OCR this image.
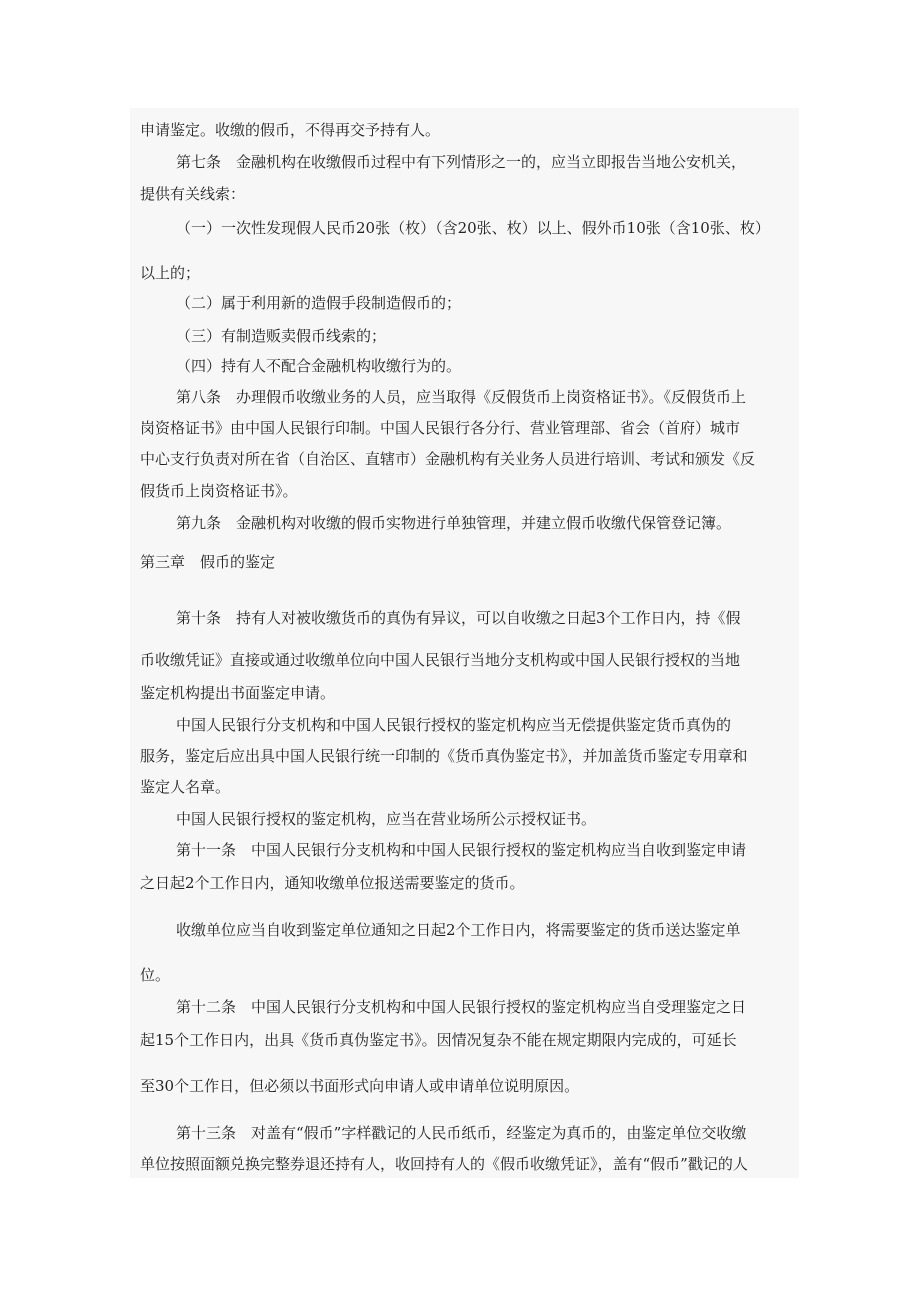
申请鉴定。收缴的假币，不得再交予持有人。

第七条　金融机构在收缴假币过程中有下列情形之一的，应当立即报告当地公安机关，

提供有关线索：

（一）一次性发现假人民币20张（枚）（含20张、枚）以上、假外币10张（含10张、枚）

以上的；

（二）属于利用新的造假手段制造假币的；

（三）有制造贩卖假币线索的；

（四）持有人不配合金融机构收缴行为的。

第八条　办理假币收缴业务的人员，应当取得《反假货币上岗资格证书》。《反假货币上

岗资格证书》由中国人民银行印制。中国人民银行各分行、营业管理部、省会（首府）城市

中心支行负责对所在省（自治区、直辖市）金融机构有关业务人员进行培训、考试和颁发《反

假货币上岗资格证书》。

第九条　金融机构对收缴的假币实物进行单独管理，并建立假币收缴代保管登记簿。

第三章　假币的鉴定

第十条　持有人对被收缴货币的真伪有异议，可以自收缴之日起3个工作日内，持《假

币收缴凭证》直接或通过收缴单位向中国人民银行当地分支机构或中国人民银行授权的当地

鉴定机构提出书面鉴定申请。

中国人民银行分支机构和中国人民银行授权的鉴定机构应当无偿提供鉴定货币真伪的

服务，鉴定后应出具中国人民银行统一印制的《货币真伪鉴定书》，并加盖货币鉴定专用章和

鉴定人名章。

中国人民银行授权的鉴定机构，应当在营业场所公示授权证书。

第十一条　中国人民银行分支机构和中国人民银行授权的鉴定机构应当自收到鉴定申请

之日起2个工作日内，通知收缴单位报送需要鉴定的货币。

收缴单位应当自收到鉴定单位通知之日起2个工作日内，将需要鉴定的货币送达鉴定单

位。

第十二条　中国人民银行分支机构和中国人民银行授权的鉴定机构应当自受理鉴定之日

起15个工作日内，出具《货币真伪鉴定书》。因情况复杂不能在规定期限内完成的，可延长

至30个工作日，但必须以书面形式向申请人或申请单位说明原因。

第十三条　对盖有“假币”字样戳记的人民币纸币，经鉴定为真币的，由鉴定单位交收缴

单位按照面额兑换完整券退还持有人，收回持有人的《假币收缴凭证》，盖有“假币”戳记的人
